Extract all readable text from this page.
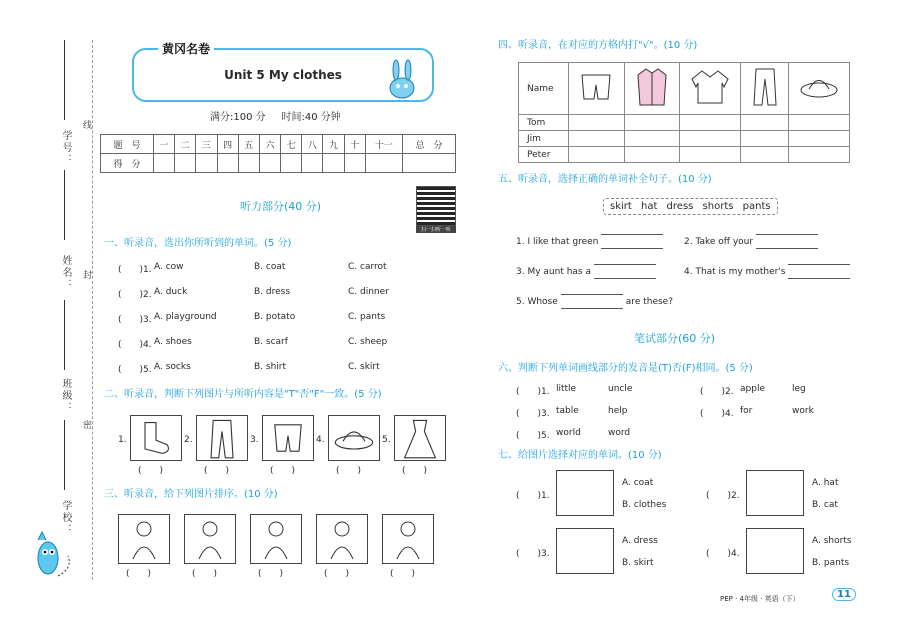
学号：
姓名：
班级：
学校：
线
封
密
Unit 5 My clothes
黄冈名卷
满分:100 分     时间:40 分钟
题　号	一	二	三	四	五	六	七	八	九	十	十一	总　分
得　分												
听力部分(40 分)
扫一扫听一听
一、听录音，选出你所听到的单词。(5 分)
(　　)1. A. cow	B. coat	C. carrot
(　　)2. A. duck	B. dress	C. dinner
(　　)3. A. playground	B. potato	C. pants
(　　)4. A. shoes	B. scarf	C. sheep
(　　)5. A. socks	B. shirt	C. skirt
二、听录音，判断下列图片与所听内容是"T"否"F"一致。(5 分)
1.
(　　)
2.
(　　)
3.
(　　)
4.
(　　)
5.
(　　)
三、听录音，给下列图片排序。(10 分)
(　　)	(　　)	(　　)	(　　)	(　　)
四、听录音，在对应的方格内打"√"。(10 分)
Name					
Tom					
Jim					
Peter					
五、听录音，选择正确的单词补全句子。(10 分)
skirt hat dress shorts pants
1. I like that green	2. Take off your
3. My aunt has a	4. That is my mother's
5. Whose	are these?
笔试部分(60 分)
六、判断下列单词画线部分的发音是(T)否(F)相同。(5 分)
(　　)1. little	uncle	(　　)2. apple	leg
(　　)3. table	help	(　　)4. for	work
(　　)5. world	word
七、给图片选择对应的单词。(10 分)
(　　)1.
A. coat
B. clothes
(　　)2.
A. hat
B. cat
(　　)3.
A. dress
B. skirt
(　　)4.
A. shorts
B. pants
PEP · 4年级 · 英语（下）	11
